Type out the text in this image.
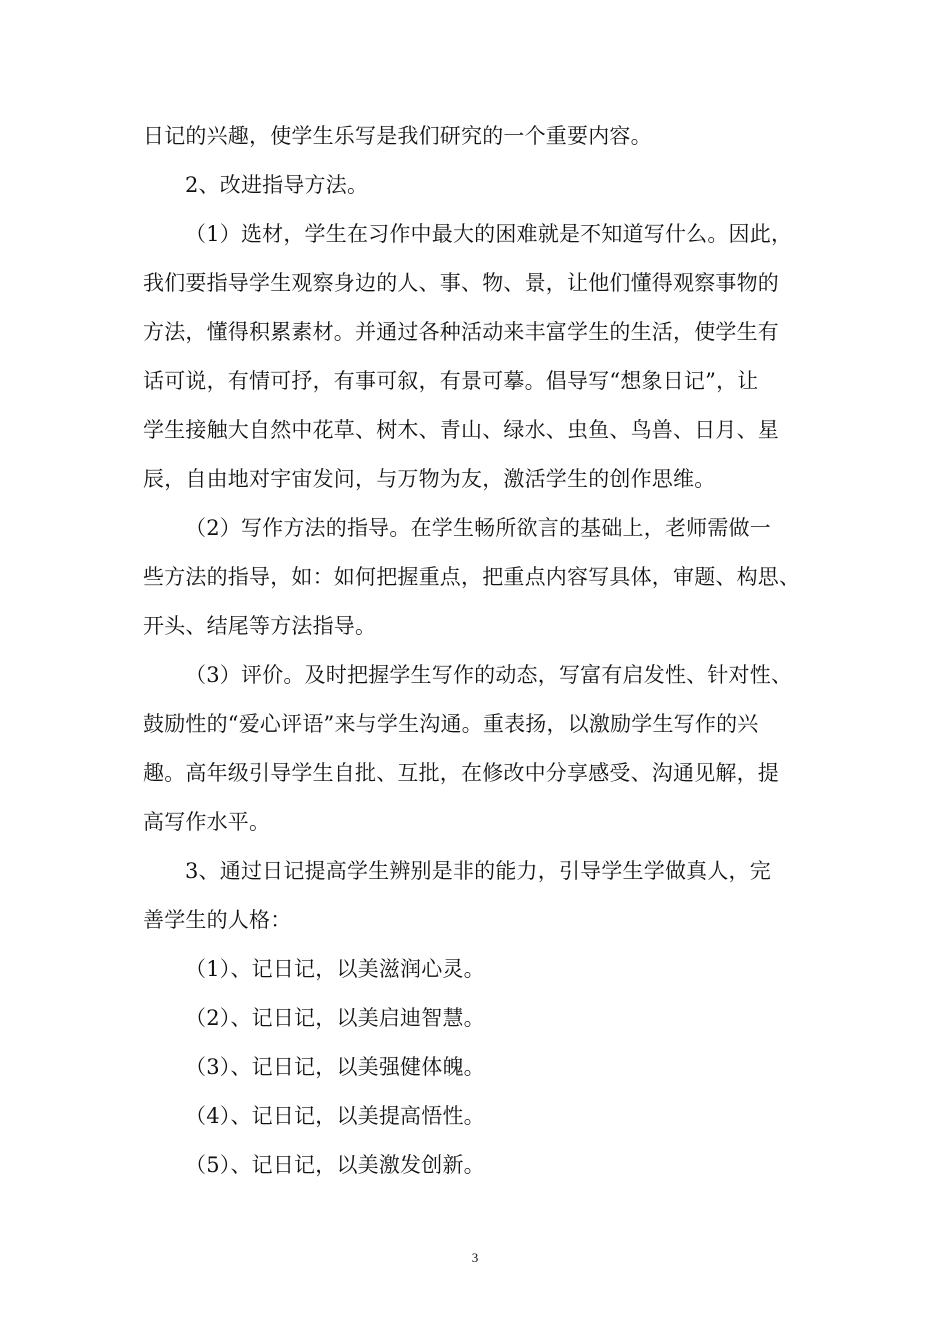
日记的兴趣，使学生乐写是我们研究的一个重要内容。
2、改进指导方法。
（1）选材，学生在习作中最大的困难就是不知道写什么。因此，
我们要指导学生观察身边的人、事、物、景，让他们懂得观察事物的
方法，懂得积累素材。并通过各种活动来丰富学生的生活，使学生有
话可说，有情可抒，有事可叙，有景可摹。倡导写“想象日记”，让
学生接触大自然中花草、树木、青山、绿水、虫鱼、鸟兽、日月、星
辰，自由地对宇宙发问，与万物为友，激活学生的创作思维。
（2）写作方法的指导。在学生畅所欲言的基础上，老师需做一
些方法的指导，如：如何把握重点，把重点内容写具体，审题、构思、
开头、结尾等方法指导。
（3）评价。及时把握学生写作的动态，写富有启发性、针对性、
鼓励性的“爱心评语”来与学生沟通。重表扬，以激励学生写作的兴
趣。高年级引导学生自批、互批，在修改中分享感受、沟通见解，提
高写作水平。
3、通过日记提高学生辨别是非的能力，引导学生学做真人，完
善学生的人格：
（1）、记日记，以美滋润心灵。
（2）、记日记，以美启迪智慧。
（3）、记日记，以美强健体魄。
（4）、记日记，以美提高悟性。
（5）、记日记，以美激发创新。
3
